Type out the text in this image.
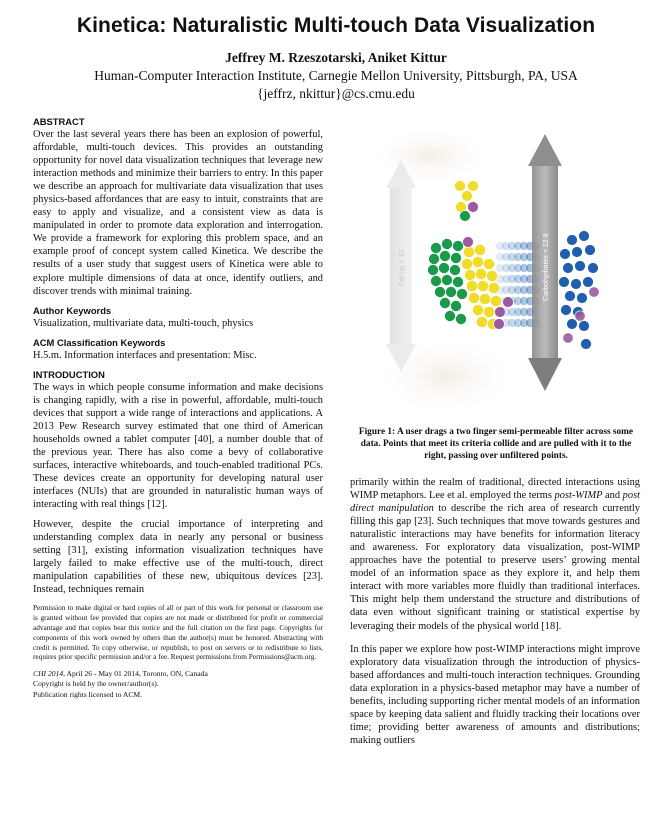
Kinetica: Naturalistic Multi-touch Data Visualization
Jeffrey M. Rzeszotarski, Aniket Kittur
Human-Computer Interaction Institute, Carnegie Mellon University, Pittsburgh, PA, USA
{jeffrz, nkittur}@cs.cmu.edu
ABSTRACT

Over the last several years there has been an explosion of powerful, affordable, multi-touch devices. This provides an outstanding opportunity for novel data visualization techniques that leverage new interaction methods and minimize their barriers to entry. In this paper we describe an approach for multivariate data visualization that uses physics-based affordances that are easy to intuit, constraints that are easy to apply and visualize, and a consistent view as data is manipulated in order to promote data exploration and interrogation. We provide a framework for exploring this problem space, and an example proof of concept system called Kinetica. We describe the results of a user study that suggest users of Kinetica were able to explore multiple dimensions of data at once, identify outliers, and discover trends with minimal training.

Author Keywords

Visualization, multivariate data, multi-touch, physics

ACM Classification Keywords

H.5.m. Information interfaces and presentation: Misc.

INTRODUCTION

The ways in which people consume information and make decisions is changing rapidly, with a rise in powerful, affordable, multi-touch devices that support a wide range of interactions and applications. A 2013 Pew Research survey estimated that one third of American households owned a tablet computer [40], a number double that of the previous year. There has also come a bevy of collaborative surfaces, interactive whiteboards, and touch-enabled traditional PCs. These devices create an opportunity for developing natural user interfaces (NUIs) that are grounded in naturalistic human ways of interacting with real things [12].

However, despite the crucial importance of interpreting and understanding complex data in nearly any personal or business setting [31], existing information visualization techniques have largely failed to make effective use of the multi-touch, direct manipulation capabilities of these new, ubiquitous devices [23]. Instead, techniques remain

Permission to make digital or hard copies of all or part of this work for personal or classroom use is granted without fee provided that copies are not made or distributed for profit or commercial advantage and that copies bear this notice and the full citation on the first page. Copyrights for components of this work owned by others than the author(s) must be honored. Abstracting with credit is permitted. To copy otherwise, or republish, to post on servers or to redistribute to lists, requires prior specific permission and/or a fee. Request permissions from Permissions@acm.org.

CHI 2014, April 26 - May 01 2014, Toronto, ON, Canada
Copyright is held by the owner/author(s).
Publication rights licensed to ACM.
Fat (g) > 10	Carbohydrates < 12.8
Figure 1: A user drags a two finger semi-permeable filter across some data. Points that meet its criteria collide and are pulled with it to the right, passing over unfiltered points.

primarily within the realm of traditional, directed interactions using WIMP metaphors. Lee et al. employed the terms post-WIMP and post direct manipulation to describe the rich area of research currently filling this gap [23]. Such techniques that move towards gestures and naturalistic interactions may have benefits for information literacy and awareness. For exploratory data visualization, post-WIMP approaches have the potential to preserve users’ growing mental model of an information space as they explore it, and help them interact with more variables more fluidly than traditional interfaces. This might help them understand the structure and distributions of data even without significant training or statistical expertise by leveraging their models of the physical world [18].

In this paper we explore how post-WIMP interactions might improve exploratory data visualization through the introduction of physics-based affordances and multi-touch interaction techniques. Grounding data exploration in a physics-based metaphor may have a number of benefits, including supporting richer mental models of an information space by keeping data salient and fluidly tracking their locations over time; providing better awareness of amounts and distributions; making outliers
